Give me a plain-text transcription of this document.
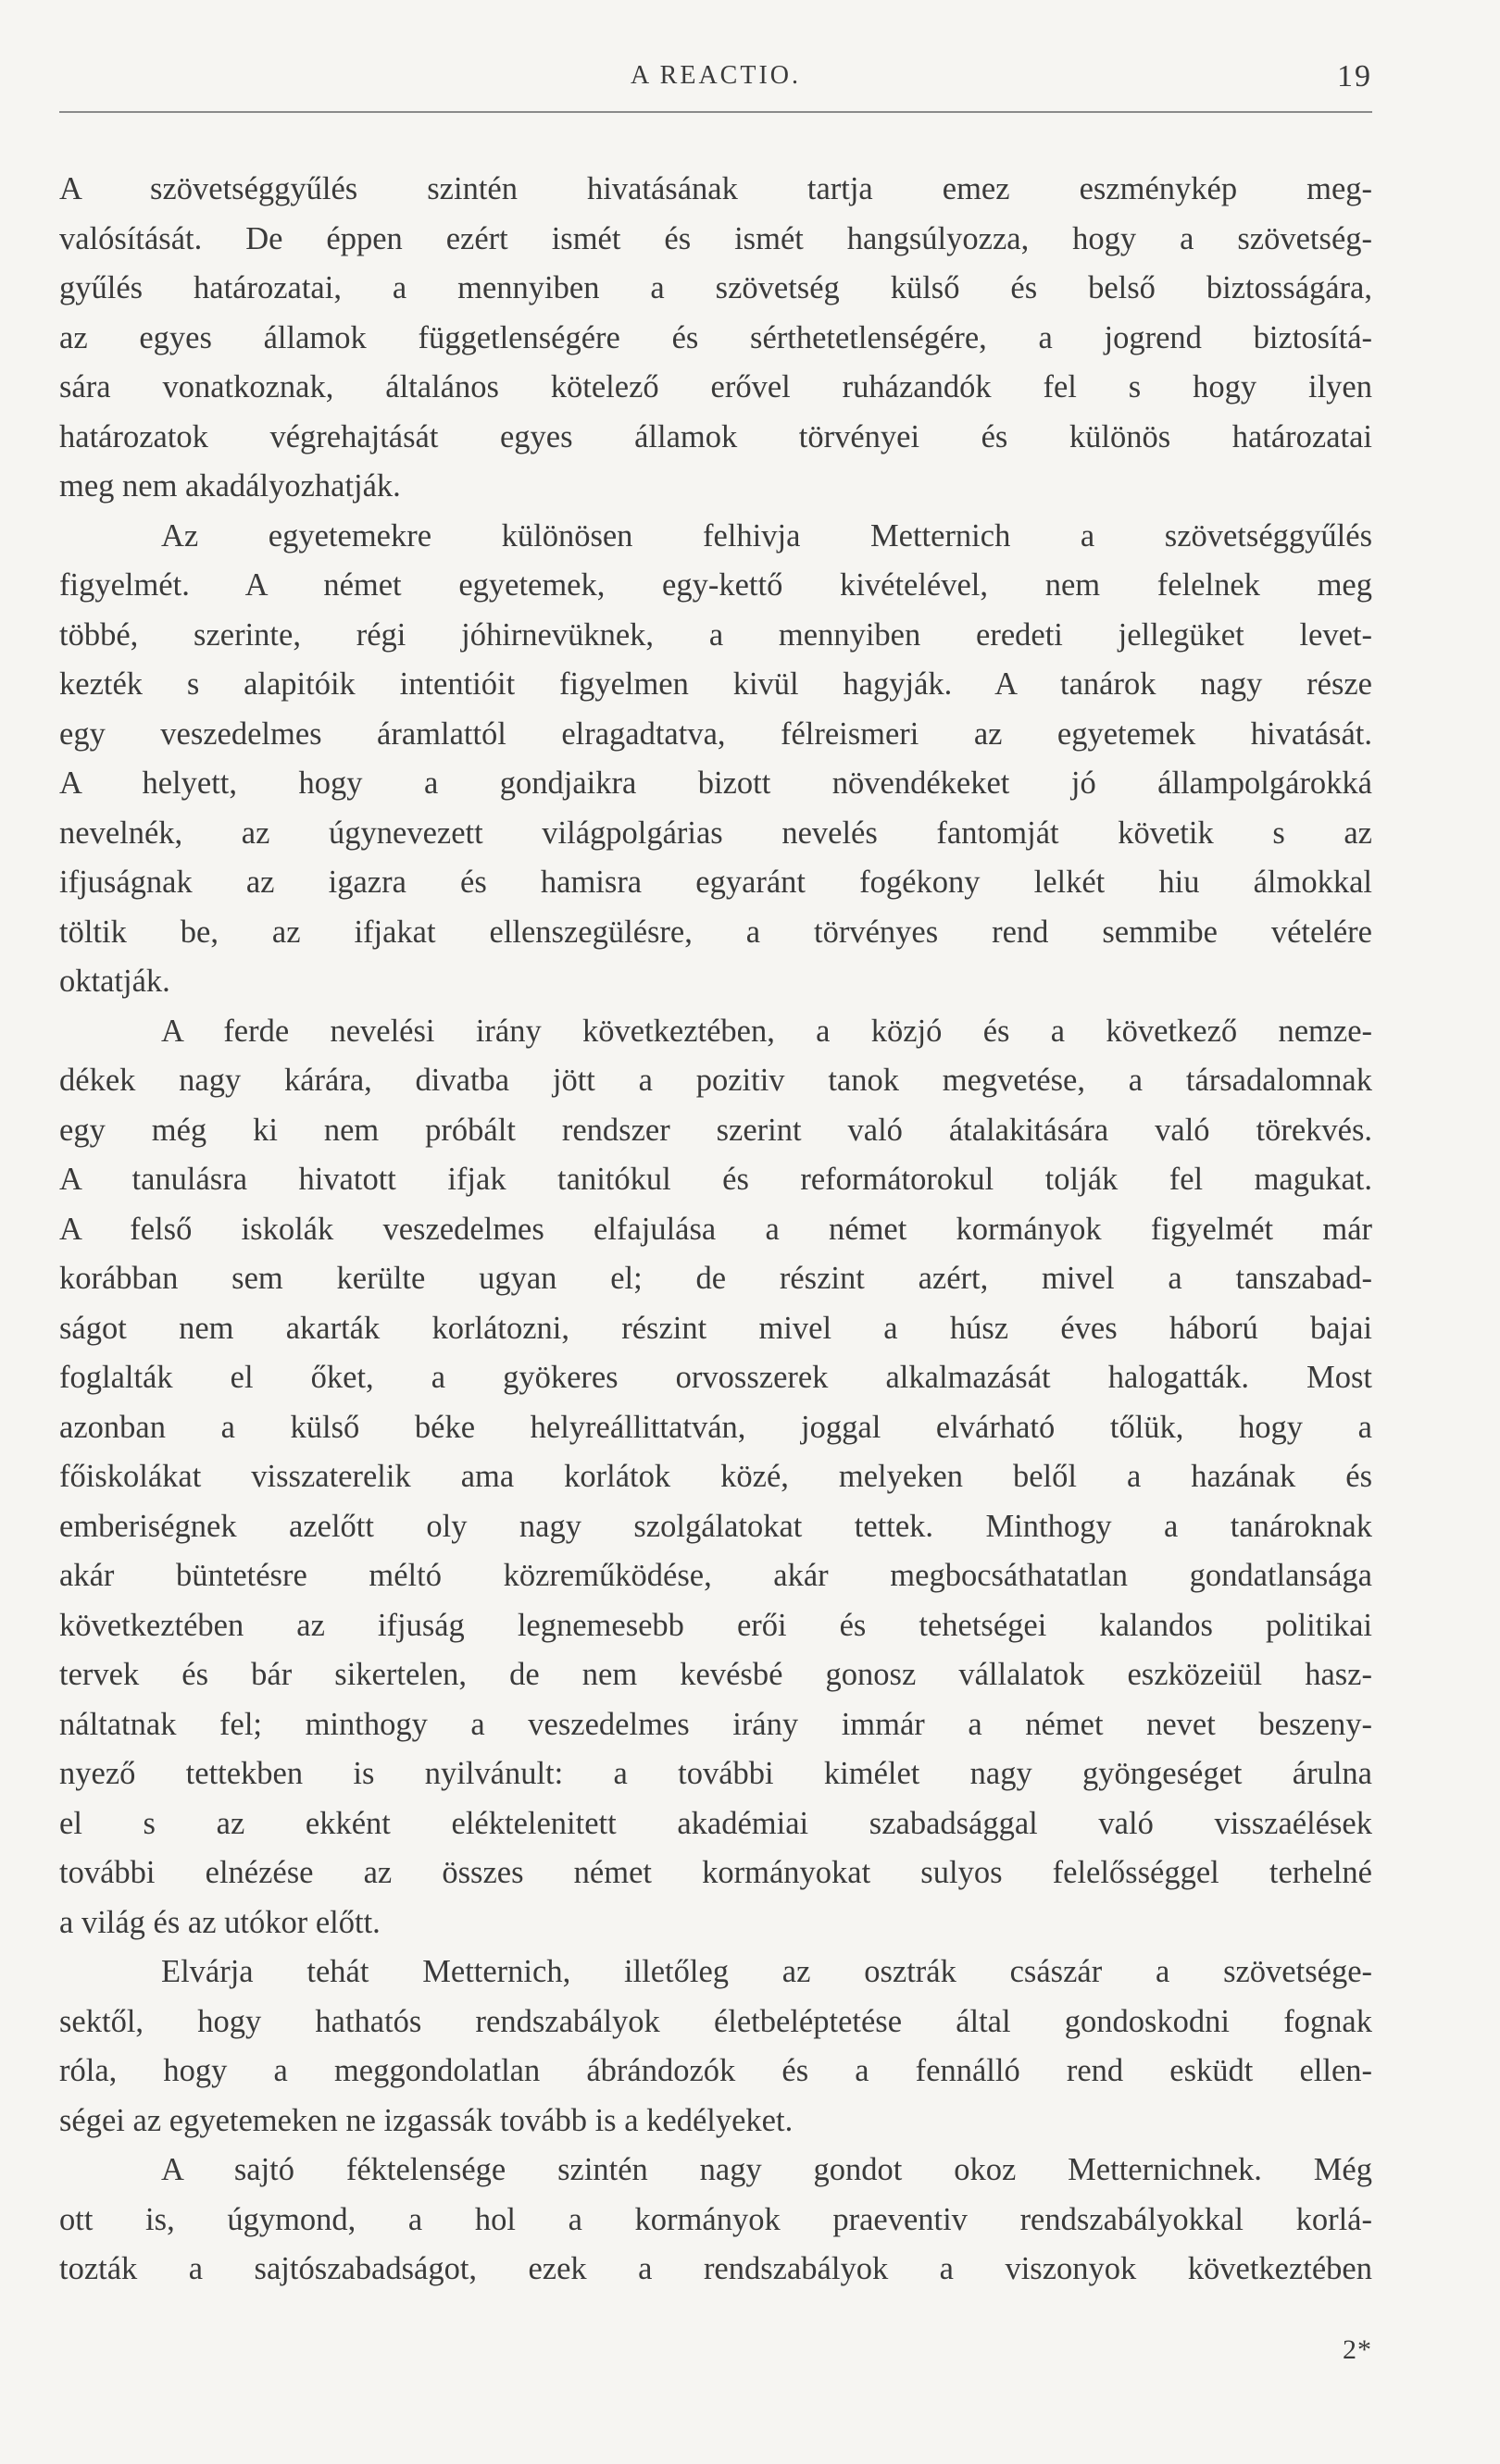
A REACTIO.	19
A szövetséggyűlés szintén hivatásának tartja emez eszménykép meg-
valósítását. De éppen ezért ismét és ismét hangsúlyozza, hogy a szövetség-
gyűlés határozatai, a mennyiben a szövetség külső és belső biztosságára,
az egyes államok függetlenségére és sérthetetlenségére, a jogrend biztosítá-
sára vonatkoznak, általános kötelező erővel ruházandók fel s hogy ilyen
határozatok végrehajtását egyes államok törvényei és különös határozatai
meg nem akadályozhatják.
Az egyetemekre különösen felhivja Metternich a szövetséggyűlés
figyelmét. A német egyetemek, egy-kettő kivételével, nem felelnek meg
többé, szerinte, régi jóhirnevüknek, a mennyiben eredeti jellegüket levet-
kezték s alapitóik intentióit figyelmen kivül hagyják. A tanárok nagy része
egy veszedelmes áramlattól elragadtatva, félreismeri az egyetemek hivatását.
A helyett, hogy a gondjaikra bizott növendékeket jó állampolgárokká
nevelnék, az úgynevezett világpolgárias nevelés fantomját követik s az
ifjuságnak az igazra és hamisra egyaránt fogékony lelkét hiu álmokkal
töltik be, az ifjakat ellenszegülésre, a törvényes rend semmibe vételére
oktatják.
A ferde nevelési irány következtében, a közjó és a következő nemze-
dékek nagy kárára, divatba jött a pozitiv tanok megvetése, a társadalomnak
egy még ki nem próbált rendszer szerint való átalakitására való törekvés.
A tanulásra hivatott ifjak tanitókul és reformátorokul tolják fel magukat.
A felső iskolák veszedelmes elfajulása a német kormányok figyelmét már
korábban sem kerülte ugyan el; de részint azért, mivel a tanszabad-
ságot nem akarták korlátozni, részint mivel a húsz éves háború bajai
foglalták el őket, a gyökeres orvosszerek alkalmazását halogatták. Most
azonban a külső béke helyreállittatván, joggal elvárható tőlük, hogy a
főiskolákat visszaterelik ama korlátok közé, melyeken belől a hazának és
emberiségnek azelőtt oly nagy szolgálatokat tettek. Minthogy a tanároknak
akár büntetésre méltó közreműködése, akár megbocsáthatatlan gondatlansága
következtében az ifjuság legnemesebb erői és tehetségei kalandos politikai
tervek és bár sikertelen, de nem kevésbé gonosz vállalatok eszközeiül hasz-
náltatnak fel; minthogy a veszedelmes irány immár a német nevet beszeny-
nyező tettekben is nyilvánult: a további kimélet nagy gyöngeséget árulna
el s az ekként eléktelenitett akadémiai szabadsággal való visszaélések
további elnézése az összes német kormányokat sulyos felelősséggel terhelné
a világ és az utókor előtt.
Elvárja tehát Metternich, illetőleg az osztrák császár a szövetsége-
sektől, hogy hathatós rendszabályok életbeléptetése által gondoskodni fognak
róla, hogy a meggondolatlan ábrándozók és a fennálló rend esküdt ellen-
ségei az egyetemeken ne izgassák tovább is a kedélyeket.
A sajtó féktelensége szintén nagy gondot okoz Metternichnek. Még
ott is, úgymond, a hol a kormányok praeventiv rendszabályokkal korlá-
tozták a sajtószabadságot, ezek a rendszabályok a viszonyok következtében
2*
